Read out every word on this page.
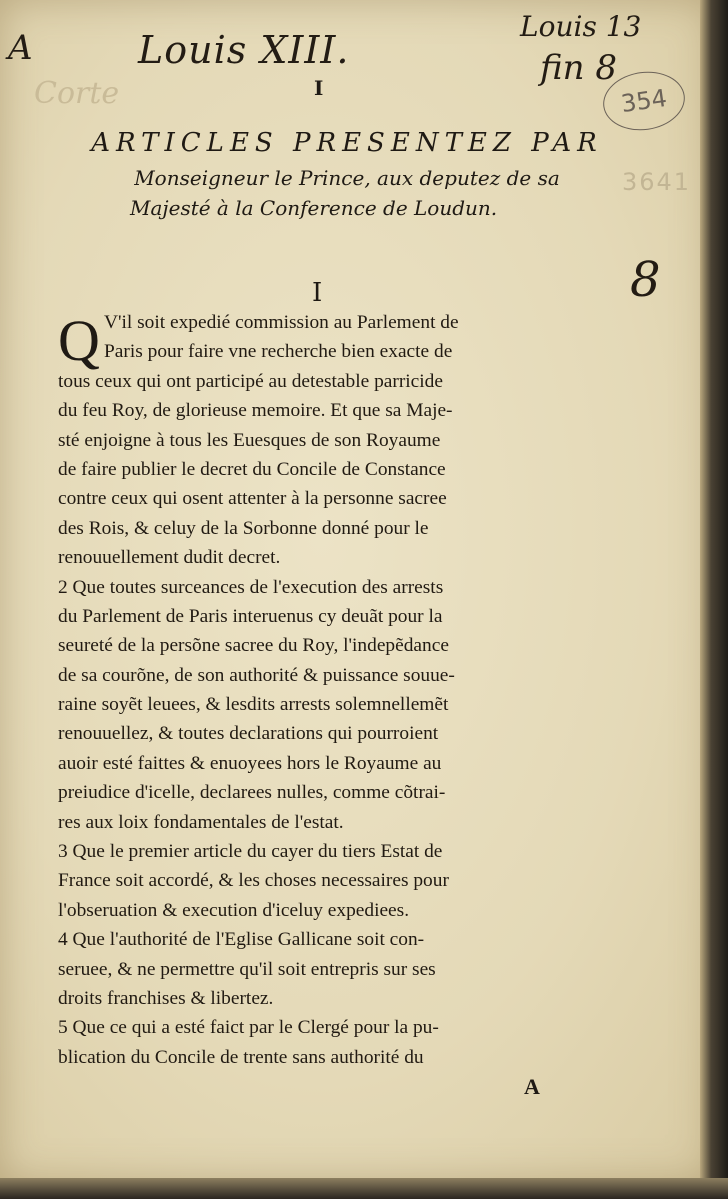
A	Louis XIII.
Louis 13
fin 8
Corte	354
3641
8
I
ARTICLES PRESENTEZ PAR
Monseigneur le Prince, aux deputez de sa
Majesté à la Conference de Loudun.
I
Q V'il soit expedié commission au Parlement de
Paris pour faire vne recherche bien exacte de
tous ceux qui ont participé au detestable parricide
du feu Roy, de glorieuse memoire. Et que sa Maje-
sté enjoigne à tous les Euesques de son Royaume
de faire publier le decret du Concile de Constance
contre ceux qui osent attenter à la personne sacree
des Rois, & celuy de la Sorbonne donné pour le
renouuellement dudit decret.
2 Que toutes surceances de l'execution des arrests
du Parlement de Paris interuenus cy deuãt pour la
seureté de la persõne sacree du Roy, l'indepẽdance
de sa courõne, de son authorité & puissance souue-
raine soyẽt leuees, & lesdits arrests solemnellemẽt
renouuellez, & toutes declarations qui pourroient
auoir esté faittes & enuoyees hors le Royaume au
preiudice d'icelle, declarees nulles, comme cõtrai-
res aux loix fondamentales de l'estat.
3 Que le premier article du cayer du tiers Estat de
France soit accordé, & les choses necessaires pour
l'obseruation & execution d'iceluy expediees.
4 Que l'authorité de l'Eglise Gallicane soit con-
seruee, & ne permettre qu'il soit entrepris sur ses
droits franchises & libertez.
5 Que ce qui a esté faict par le Clergé pour la pu-
blication du Concile de trente sans authorité du
A
